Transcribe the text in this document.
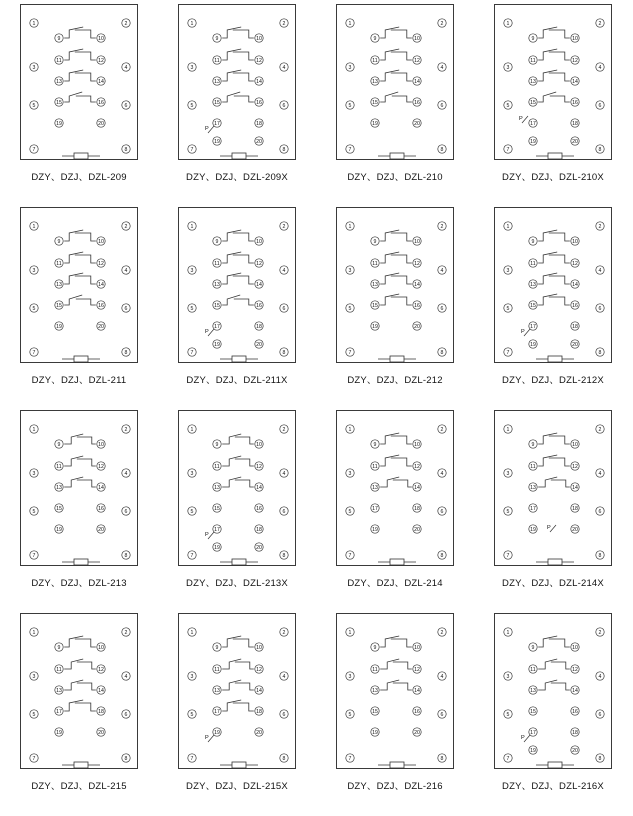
1
3
5
7
2
4
6
8
9
11
13
15
19
10
12
14
16
20
DZY、DZJ、DZL-209
1
3
5
7
2
4
6
8
9
11
13
15
17
19
10
12
14
16
18
20
P
DZY、DZJ、DZL-209X
1
3
5
7
2
4
6
8
9
11
13
15
19
10
12
14
16
20
DZY、DZJ、DZL-210
1
3
5
7
2
4
6
8
9
11
13
15
17
19
10
12
14
16
18
20
P
DZY、DZJ、DZL-210X
1
3
5
7
2
4
6
8
9
11
13
15
19
10
12
14
16
20
DZY、DZJ、DZL-211
1
3
5
7
2
4
6
8
9
11
13
15
17
19
10
12
14
16
18
20
P
DZY、DZJ、DZL-211X
1
3
5
7
2
4
6
8
9
11
13
15
19
10
12
14
16
20
DZY、DZJ、DZL-212
1
3
5
7
2
4
6
8
9
11
13
15
17
19
10
12
14
16
18
20
P
DZY、DZJ、DZL-212X
1
3
5
7
2
4
6
8
9
11
13
15
19
10
12
14
16
20
DZY、DZJ、DZL-213
1
3
5
7
2
4
6
8
9
11
13
15
17
19
10
12
14
16
18
20
P
DZY、DZJ、DZL-213X
1
3
5
7
2
4
6
8
9
11
13
17
19
10
12
14
18
20
DZY、DZJ、DZL-214
1
3
5
7
2
4
6
8
9
11
13
17
19
10
12
14
18
20
P
DZY、DZJ、DZL-214X
1
3
5
7
2
4
6
8
9
11
13
17
19
10
12
14
18
20
DZY、DZJ、DZL-215
1
3
5
7
2
4
6
8
9
11
13
17
19
10
12
14
18
20
P
DZY、DZJ、DZL-215X
1
3
5
7
2
4
6
8
9
11
13
15
19
10
12
14
16
20
DZY、DZJ、DZL-216
1
3
5
7
2
4
6
8
9
11
13
15
17
19
10
12
14
16
18
20
P
DZY、DZJ、DZL-216X
